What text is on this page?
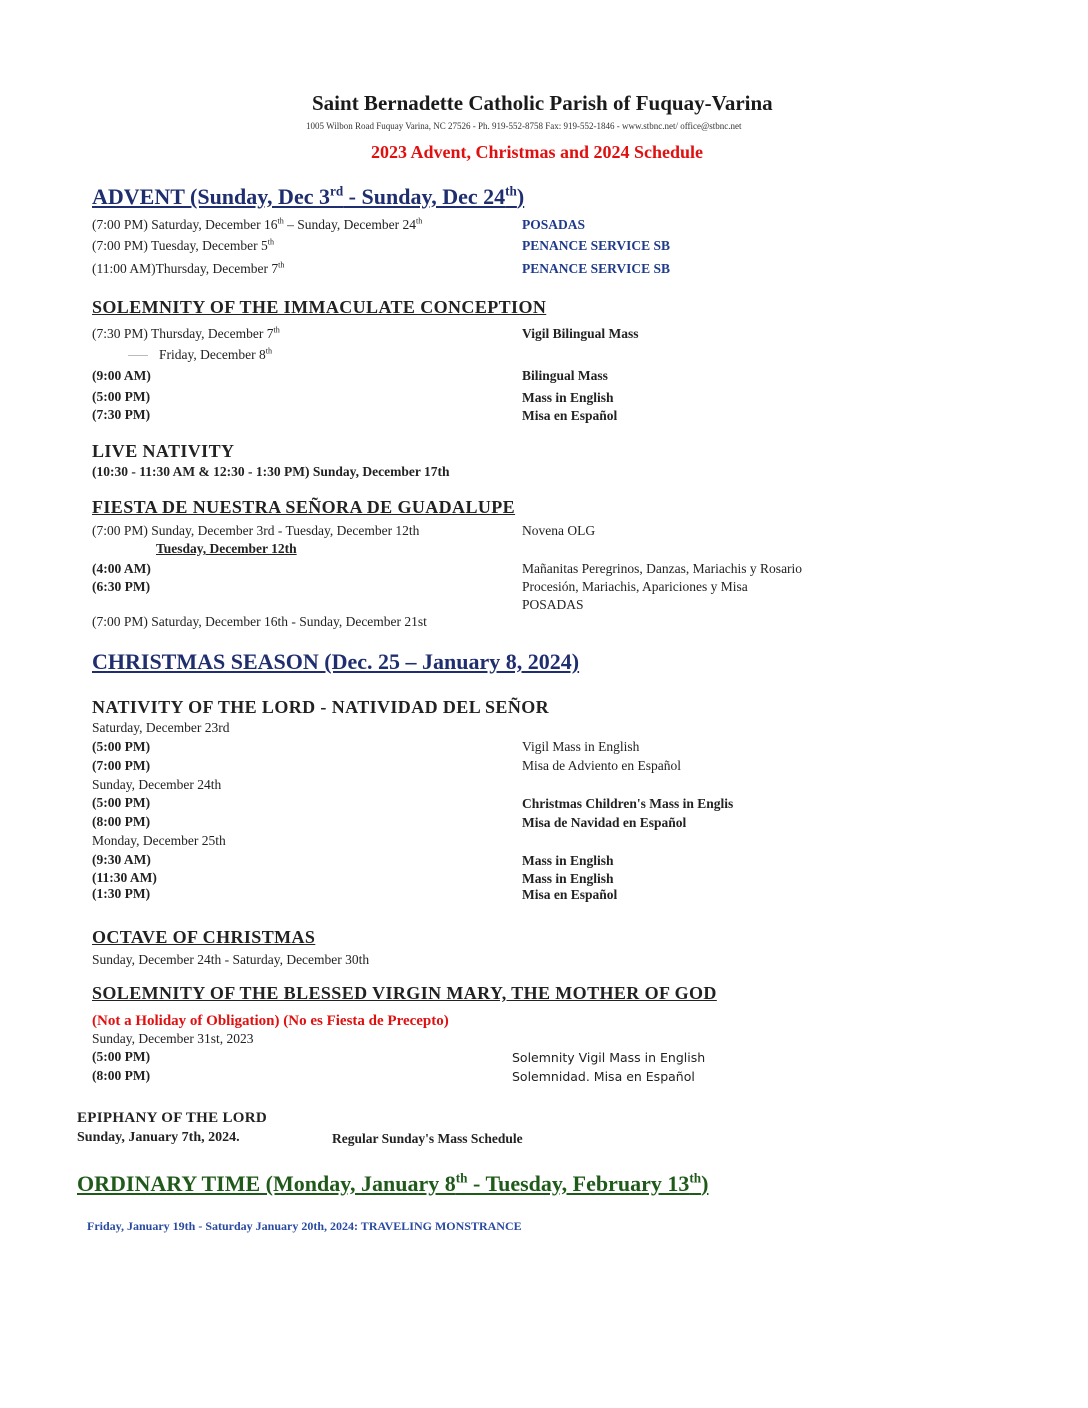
Saint Bernadette Catholic Parish of Fuquay-Varina
1005 Wilbon Road Fuquay Varina, NC 27526 - Ph. 919-552-8758 Fax: 919-552-1846 - www.stbnc.net/ office@stbnc.net
2023 Advent, Christmas and 2024 Schedule
ADVENT (Sunday, Dec 3rd - Sunday, Dec 24th)
(7:00 PM) Saturday, December 16th – Sunday, December 24th	POSADAS
(7:00 PM) Tuesday, December 5th	PENANCE SERVICE SB
(11:00 AM)Thursday, December 7th	PENANCE SERVICE SB
SOLEMNITY OF THE IMMACULATE CONCEPTION
(7:30 PM) Thursday, December 7th	Vigil Bilingual Mass
Friday, December 8th
(9:00 AM)	Bilingual Mass
(5:00 PM)	Mass in English
(7:30 PM)	Misa en Español
LIVE NATIVITY
(10:30 - 11:30 AM & 12:30 - 1:30 PM) Sunday, December 17th
FIESTA DE NUESTRA SEÑORA DE GUADALUPE
(7:00 PM) Sunday, December 3rd - Tuesday, December 12th	Novena OLG
Tuesday, December 12th
(4:00 AM)	Mañanitas Peregrinos, Danzas, Mariachis y Rosario
(6:30 PM)	Procesión, Mariachis, Apariciones y Misa
POSADAS
(7:00 PM) Saturday, December 16th - Sunday, December 21st
CHRISTMAS SEASON (Dec. 25 – January 8, 2024)
NATIVITY OF THE LORD - NATIVIDAD DEL SEÑOR
Saturday, December 23rd
(5:00 PM)	Vigil Mass in English
(7:00 PM)	Misa de Adviento en Español
Sunday, December 24th
(5:00 PM)	Christmas Children's Mass in Englis
(8:00 PM)	Misa de Navidad en Español
Monday, December 25th
(9:30 AM)	Mass in English
(11:30 AM)	Mass in English
(1:30 PM)	Misa en Español
OCTAVE OF CHRISTMAS
Sunday, December 24th - Saturday, December 30th
SOLEMNITY OF THE BLESSED VIRGIN MARY, THE MOTHER OF GOD
(Not a Holiday of Obligation) (No es Fiesta de Precepto)
Sunday, December 31st, 2023
(5:00 PM)	Solemnity Vigil Mass in English
(8:00 PM)	Solemnidad. Misa en Español
EPIPHANY OF THE LORD
Sunday, January 7th, 2024.	Regular Sunday's Mass Schedule
ORDINARY TIME (Monday, January 8th - Tuesday, February 13th)
Friday, January 19th - Saturday January 20th, 2024: TRAVELING MONSTRANCE
